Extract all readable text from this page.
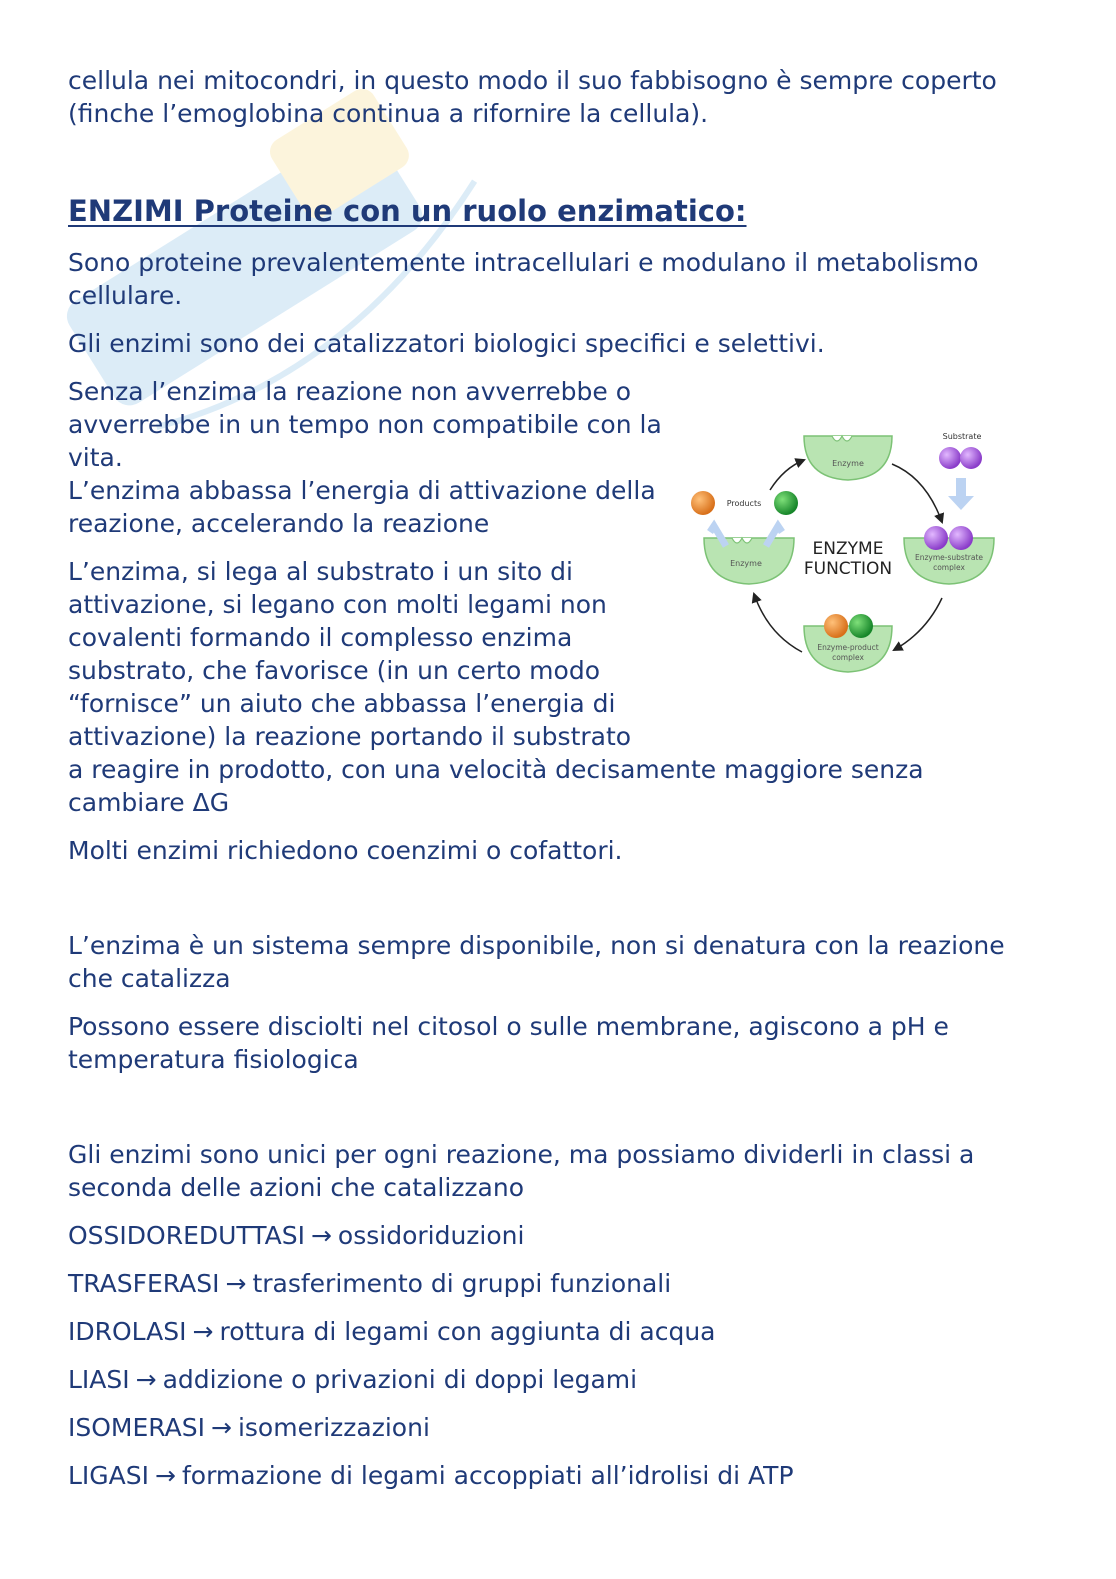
cellula nei mitocondri, in questo modo il suo fabbisogno è sempre coperto (finche l’emoglobina continua a rifornire la cellula).

ENZIMI Proteine con un ruolo enzimatico:

Sono proteine prevalentemente intracellulari e modulano il metabolismo cellulare.

Gli enzimi sono dei catalizzatori biologici specifici e selettivi.

Senza l’enzima la reazione non avverrebbe o avverrebbe in un tempo non compatibile con la vita.

L’enzima abbassa l’energia di attivazione della reazione, accelerando la reazione

L’enzima, si lega al substrato i un sito di attivazione, si legano con molti legami non covalenti formando il complesso enzima substrato, che favorisce (in un certo modo “fornisce” un aiuto che abbassa l’energia di attivazione) la reazione portando il substrato

a reagire in prodotto, con una velocità decisamente maggiore senza cambiare ΔG

Molti enzimi richiedono coenzimi o cofattori.

L’enzima è un sistema sempre disponibile, non si denatura con la reazione che catalizza

Possono essere disciolti nel citosol o sulle membrane, agiscono a pH e temperatura fisiologica

Gli enzimi sono unici per ogni reazione, ma possiamo dividerli in classi a seconda delle azioni che catalizzano

OSSIDOREDUTTASI → ossidoriduzioni

TRASFERASI → trasferimento di gruppi funzionali

IDROLASI → rottura di legami con aggiunta di acqua

LIASI → addizione o privazioni di doppi legami

ISOMERASI → isomerizzazioni

LIGASI → formazione di legami accoppiati all’idrolisi di ATP

Enzyme
Substrate
Enzyme-substrate
complex
Enzyme-product
complex
Enzyme
Products
ENZYME
FUNCTION
